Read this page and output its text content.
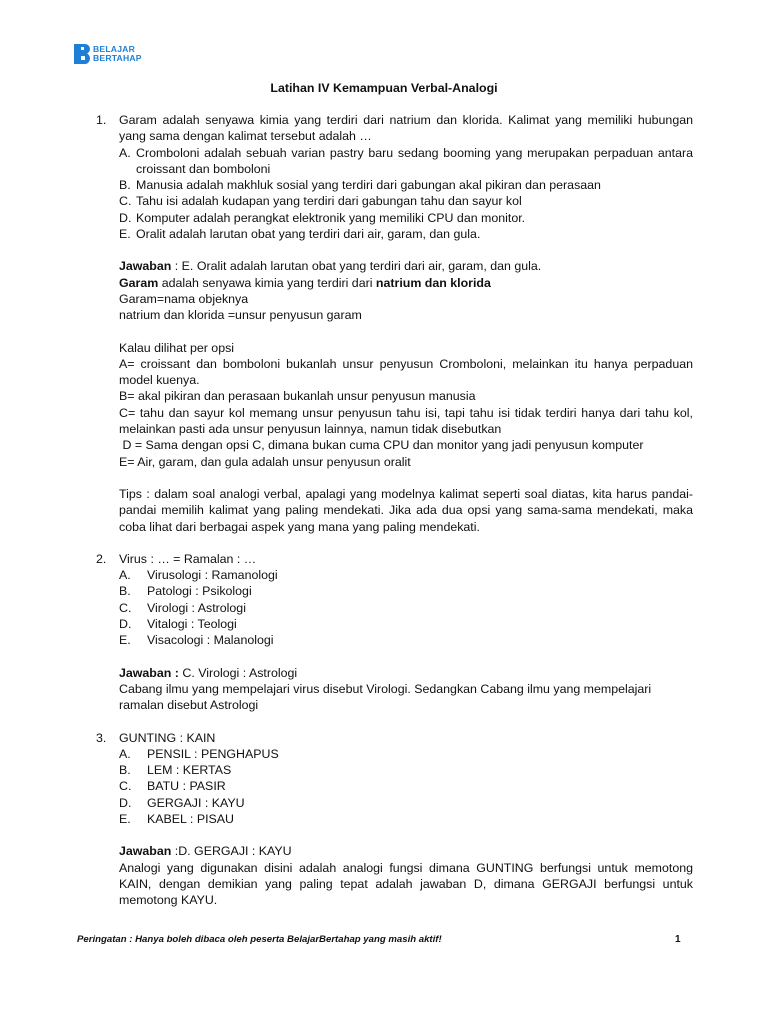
BELAJAR
BERTAHAP
Latihan IV Kemampuan Verbal-Analogi
1. Garam adalah senyawa kimia yang terdiri dari natrium dan klorida. Kalimat yang memiliki hubungan yang sama dengan kalimat tersebut adalah …
A. Cromboloni adalah sebuah varian pastry baru sedang booming yang merupakan perpaduan antara croissant dan bomboloni
B. Manusia adalah makhluk sosial yang terdiri dari gabungan akal pikiran dan perasaan
C. Tahu isi adalah kudapan yang terdiri dari gabungan tahu dan sayur kol
D. Komputer adalah perangkat elektronik yang memiliki CPU dan monitor.
E. Oralit adalah larutan obat yang terdiri dari air, garam, dan gula.
Jawaban : E. Oralit adalah larutan obat yang terdiri dari air, garam, dan gula.
Garam adalah senyawa kimia yang terdiri dari natrium dan klorida
Garam=nama objeknya
natrium dan klorida =unsur penyusun garam
Kalau dilihat per opsi
A= croissant dan bomboloni bukanlah unsur penyusun Cromboloni, melainkan itu hanya perpaduan model kuenya.
B= akal pikiran dan perasaan bukanlah unsur penyusun manusia
C= tahu dan sayur kol memang unsur penyusun tahu isi, tapi tahu isi tidak terdiri hanya dari tahu kol, melainkan pasti ada unsur penyusun lainnya, namun tidak disebutkan
D = Sama dengan opsi C, dimana bukan cuma CPU dan monitor yang jadi penyusun komputer
E= Air, garam, dan gula adalah unsur penyusun oralit
Tips : dalam soal analogi verbal, apalagi yang modelnya kalimat seperti soal diatas, kita harus pandai-pandai memilih kalimat yang paling mendekati. Jika ada dua opsi yang sama-sama mendekati, maka coba lihat dari berbagai aspek yang mana yang paling mendekati.
2. Virus : … = Ramalan : …
A. Virusologi : Ramanologi
B. Patologi : Psikologi
C. Virologi : Astrologi
D. Vitalogi : Teologi
E. Visacologi : Malanologi
Jawaban : C. Virologi : Astrologi
Cabang ilmu yang mempelajari virus disebut Virologi. Sedangkan Cabang ilmu yang mempelajari ramalan disebut Astrologi
3. GUNTING : KAIN
A. PENSIL : PENGHAPUS
B. LEM : KERTAS
C. BATU : PASIR
D. GERGAJI : KAYU
E. KABEL : PISAU
Jawaban :D. GERGAJI : KAYU
Analogi yang digunakan disini adalah analogi fungsi dimana GUNTING berfungsi untuk memotong KAIN, dengan demikian yang paling tepat adalah jawaban D, dimana GERGAJI berfungsi untuk memotong KAYU.
Peringatan : Hanya boleh dibaca oleh peserta BelajarBertahap yang masih aktif!	1
